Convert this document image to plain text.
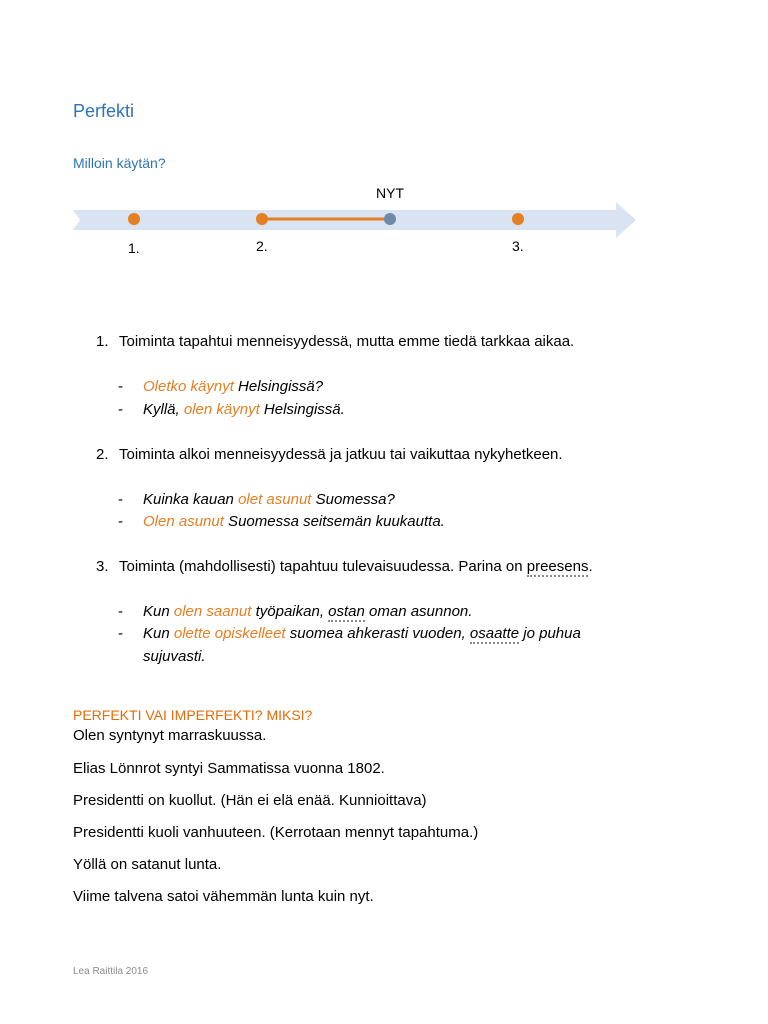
Perfekti
Milloin käytän?
NYT
1.	2.	3.
1. Toiminta tapahtui menneisyydessä, mutta emme tiedä tarkkaa aikaa.
- Oletko käynyt Helsingissä?
- Kyllä, olen käynyt Helsingissä.
2. Toiminta alkoi menneisyydessä ja jatkuu tai vaikuttaa nykyhetkeen.
- Kuinka kauan olet asunut Suomessa?
- Olen asunut Suomessa seitsemän kuukautta.
3. Toiminta (mahdollisesti) tapahtuu tulevaisuudessa. Parina on preesens.
- Kun olen saanut työpaikan, ostan oman asunnon.
- Kun olette opiskelleet suomea ahkerasti vuoden, osaatte jo puhua
sujuvasti.
PERFEKTI VAI IMPERFEKTI? MIKSI?
Olen syntynyt marraskuussa.
Elias Lönnrot syntyi Sammatissa vuonna 1802.
Presidentti on kuollut. (Hän ei elä enää. Kunnioittava)
Presidentti kuoli vanhuuteen. (Kerrotaan mennyt tapahtuma.)
Yöllä on satanut lunta.
Viime talvena satoi vähemmän lunta kuin nyt.
Lea Raittila 2016
